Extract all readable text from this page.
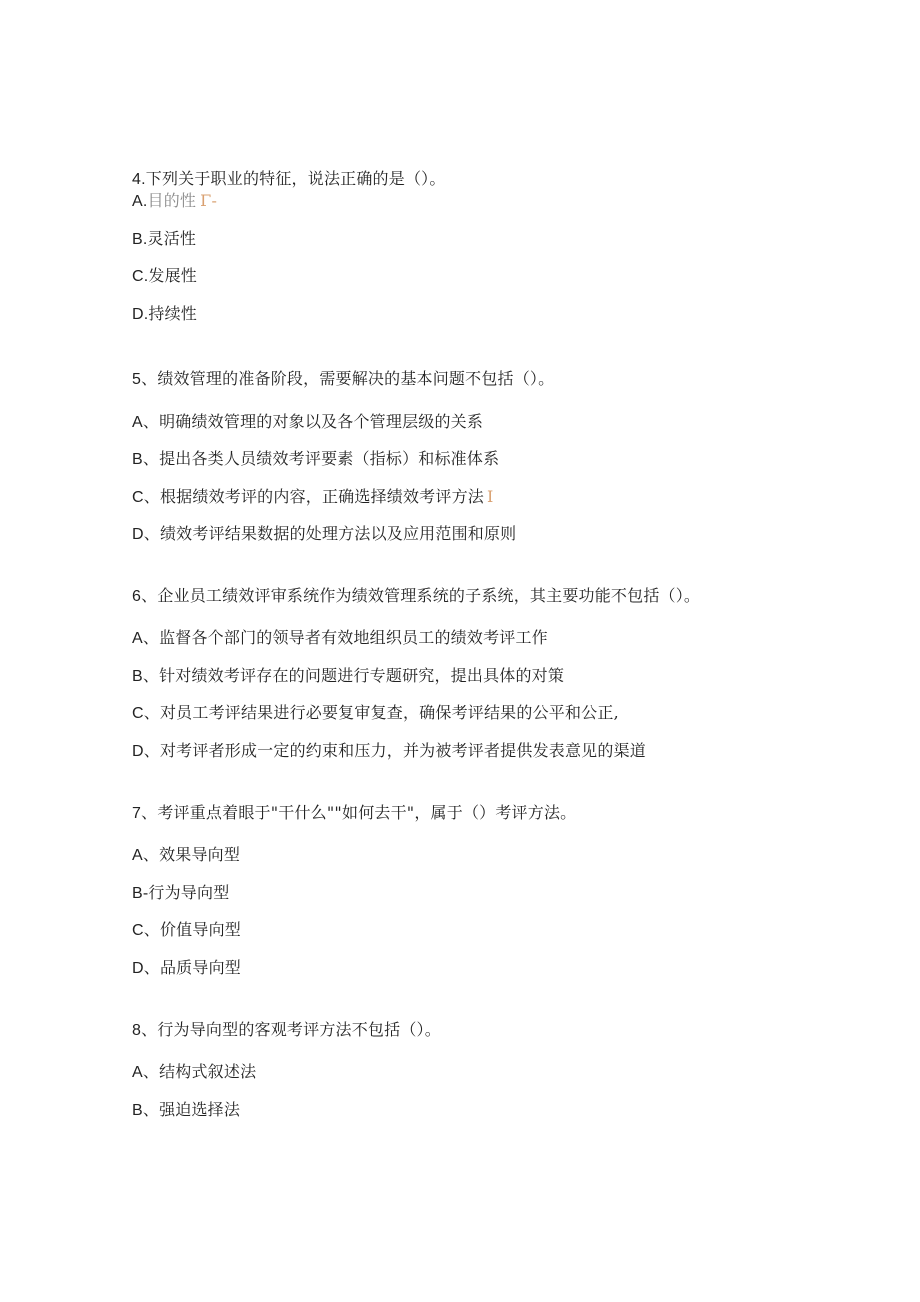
4.下列关于职业的特征，说法正确的是（）。
A.目的性 Γ-
B.灵活性
C.发展性
D.持续性
5、绩效管理的准备阶段，需要解决的基本问题不包括（）。
A、明确绩效管理的对象以及各个管理层级的关系
B、提出各类人员绩效考评要素（指标）和标准体系
C、根据绩效考评的内容，正确选择绩效考评方法 I
D、绩效考评结果数据的处理方法以及应用范围和原则
6、企业员工绩效评审系统作为绩效管理系统的子系统，其主要功能不包括（）。
A、监督各个部门的领导者有效地组织员工的绩效考评工作
B、针对绩效考评存在的问题进行专题研究，提出具体的对策
C、对员工考评结果进行必要复审复查，确保考评结果的公平和公正,
D、对考评者形成一定的约束和压力，并为被考评者提供发表意见的渠道
7、考评重点着眼于"干什么""如何去干"，属于（）考评方法。
A、效果导向型
B-行为导向型
C、价值导向型
D、品质导向型
8、行为导向型的客观考评方法不包括（）。
A、结构式叙述法
B、强迫选择法
